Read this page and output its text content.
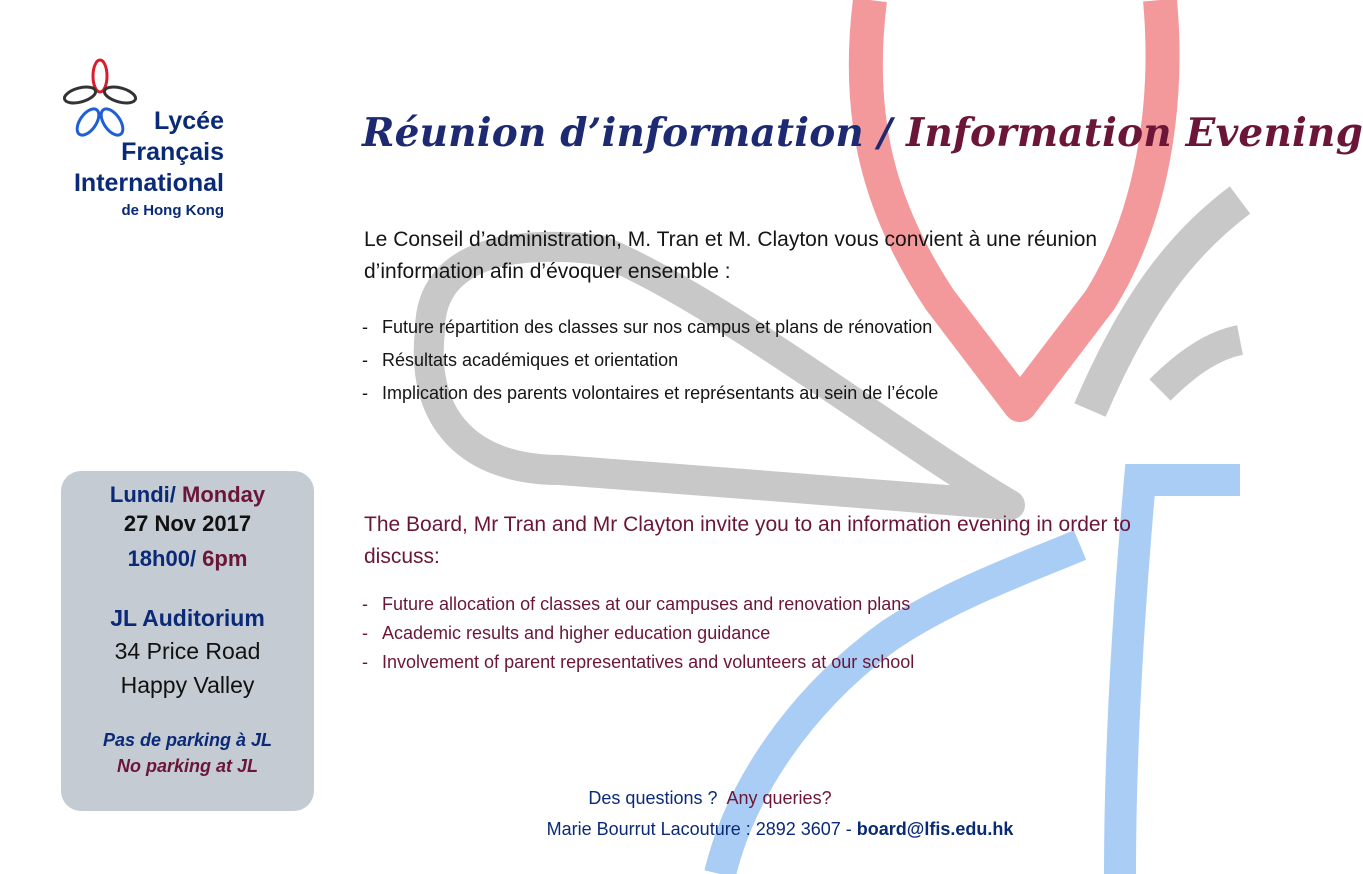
Lycée
Français
International
de Hong Kong
Réunion d’information / Information Evening
Le Conseil d’administration, M. Tran et M. Clayton vous convient à une réunion d’information afin d’évoquer ensemble :
- Future répartition des classes sur nos campus et plans de rénovation
- Résultats académiques et orientation
- Implication des parents volontaires et représentants au sein de l’école
The Board, Mr Tran and Mr Clayton invite you to an information evening in order to discuss:
- Future allocation of classes at our campuses and renovation plans
- Academic results and higher education guidance
- Involvement of parent representatives and volunteers at our school
Lundi/ Monday
27 Nov 2017
18h00/ 6pm
JL Auditorium
34 Price Road
Happy Valley
Pas de parking à JL
No parking at JL
Des questions ?  Any queries?
Marie Bourrut Lacouture : 2892 3607 - board@lfis.edu.hk
